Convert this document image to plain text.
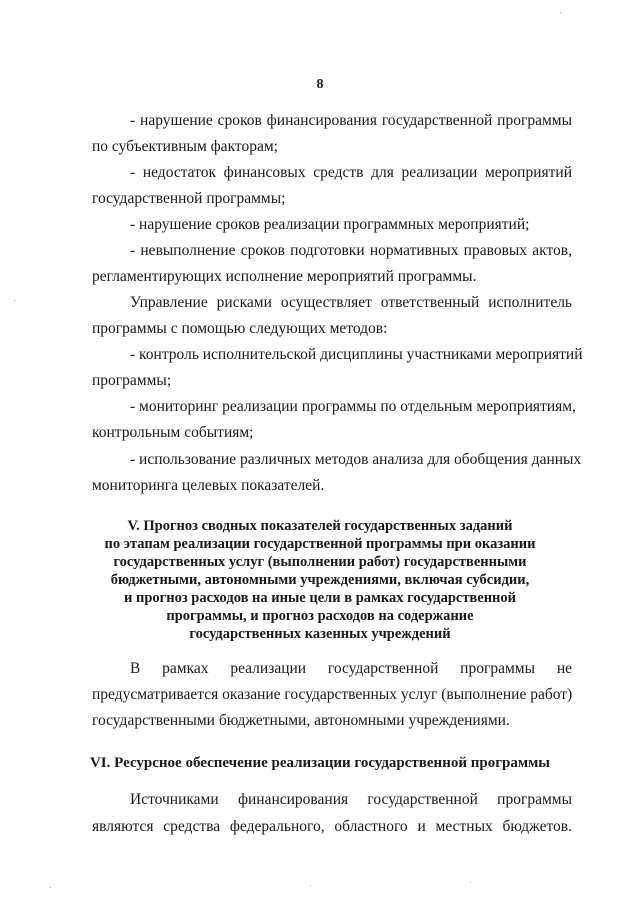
8
- нарушение сроков финансирования государственной программы
по субъективным факторам;
- недостаток финансовых средств для реализации мероприятий
государственной программы;
- нарушение сроков реализации программных мероприятий;
- невыполнение сроков подготовки нормативных правовых актов,
регламентирующих исполнение мероприятий программы.
Управление рисками осуществляет ответственный исполнитель
программы с помощью следующих методов:
- контроль исполнительской дисциплины участниками мероприятий
программы;
- мониторинг реализации программы по отдельным мероприятиям,
контрольным событиям;
- использование различных методов анализа для обобщения данных
мониторинга целевых показателей.
V. Прогноз сводных показателей государственных заданий
по этапам реализации государственной программы при оказании
государственных услуг (выполнении работ) государственными
бюджетными, автономными учреждениями, включая субсидии,
и прогноз расходов на иные цели в рамках государственной
программы, и прогноз расходов на содержание
государственных казенных учреждений
В рамках реализации государственной программы не
предусматривается оказание государственных услуг (выполнение работ)
государственными бюджетными, автономными учреждениями.
VI. Ресурсное обеспечение реализации государственной программы
Источниками финансирования государственной программы
являются средства федерального, областного и местных бюджетов.
